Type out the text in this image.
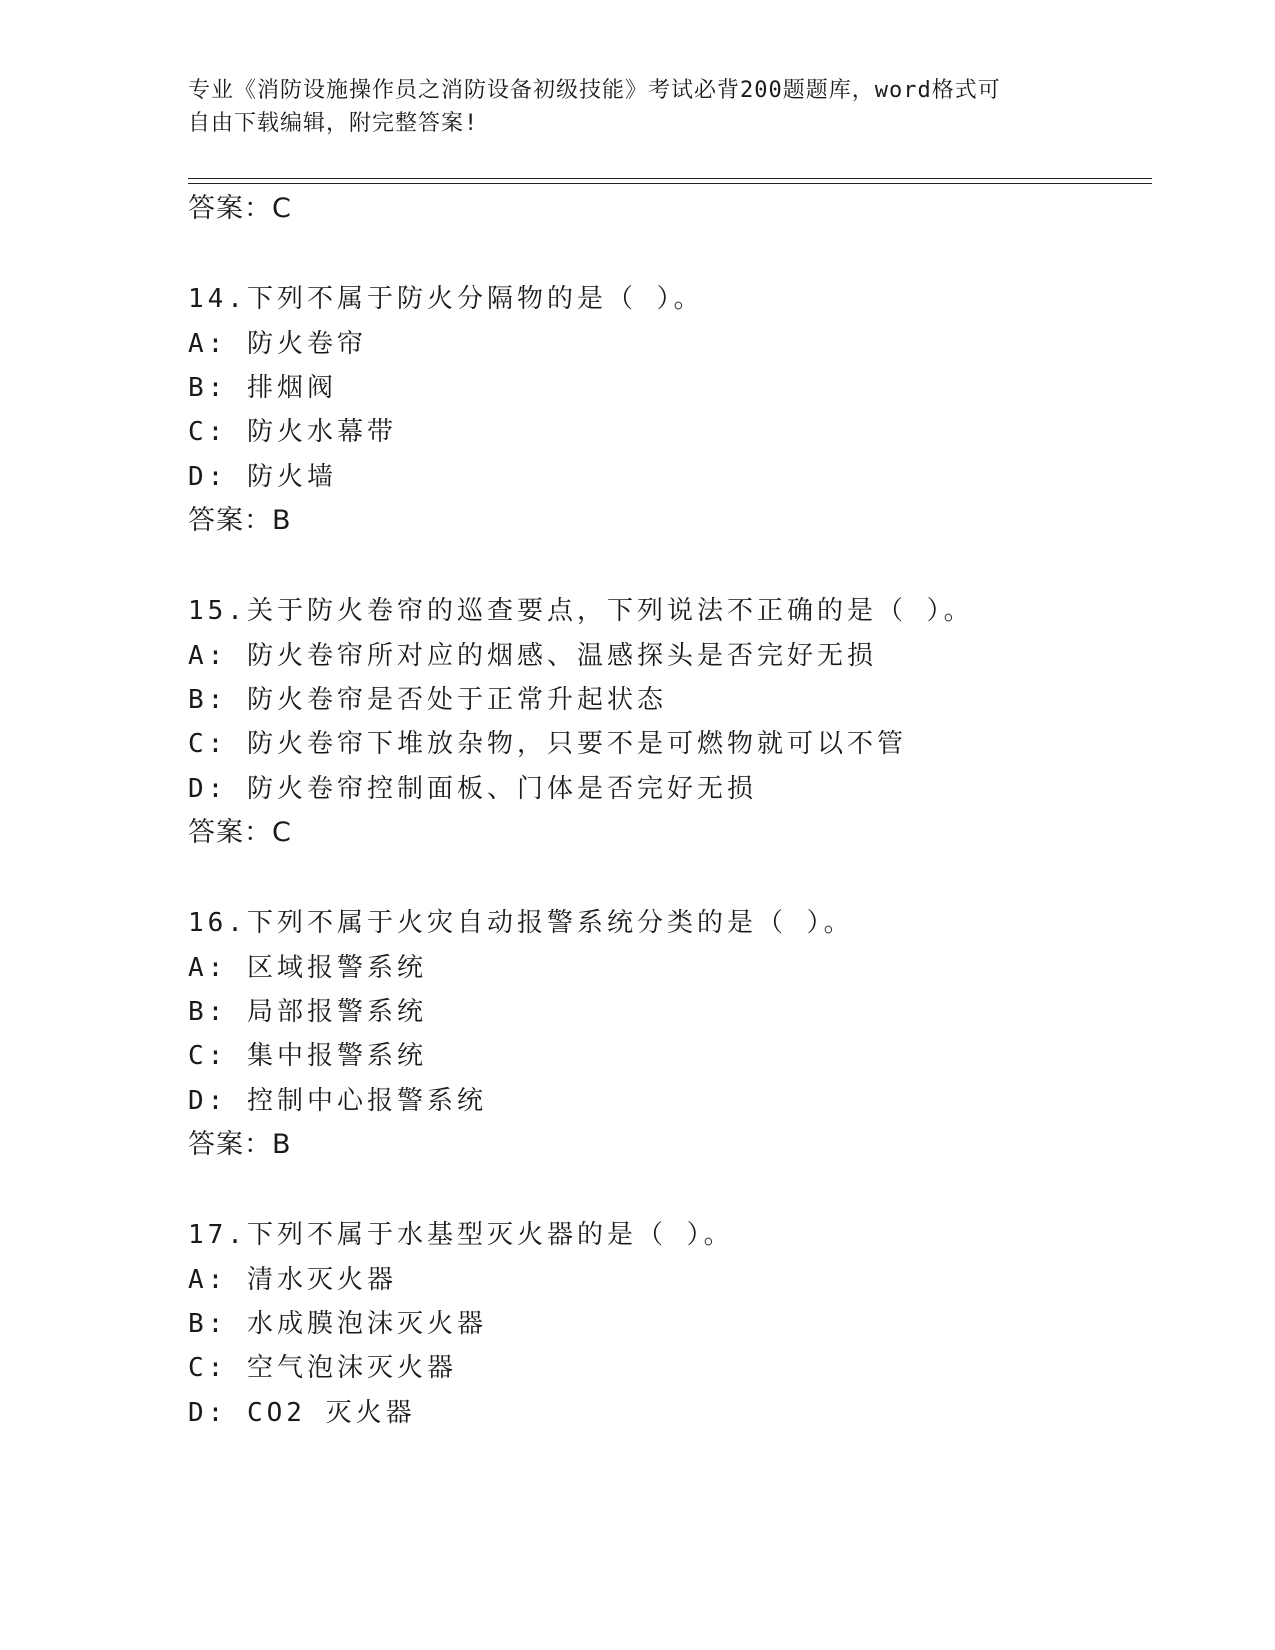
专业《消防设施操作员之消防设备初级技能》考试必背200题题库，word格式可
自由下载编辑，附完整答案!
答案：C
14.下列不属于防火分隔物的是（ ）。
A: 防火卷帘
B: 排烟阀
C: 防火水幕带
D: 防火墙
答案：B
15.关于防火卷帘的巡查要点，下列说法不正确的是（ ）。
A: 防火卷帘所对应的烟感、温感探头是否完好无损
B: 防火卷帘是否处于正常升起状态
C: 防火卷帘下堆放杂物，只要不是可燃物就可以不管
D: 防火卷帘控制面板、门体是否完好无损
答案：C
16.下列不属于火灾自动报警系统分类的是（ ）。
A: 区域报警系统
B: 局部报警系统
C: 集中报警系统
D: 控制中心报警系统
答案：B
17.下列不属于水基型灭火器的是（ ）。
A: 清水灭火器
B: 水成膜泡沫灭火器
C: 空气泡沫灭火器
D: CO2 灭火器
